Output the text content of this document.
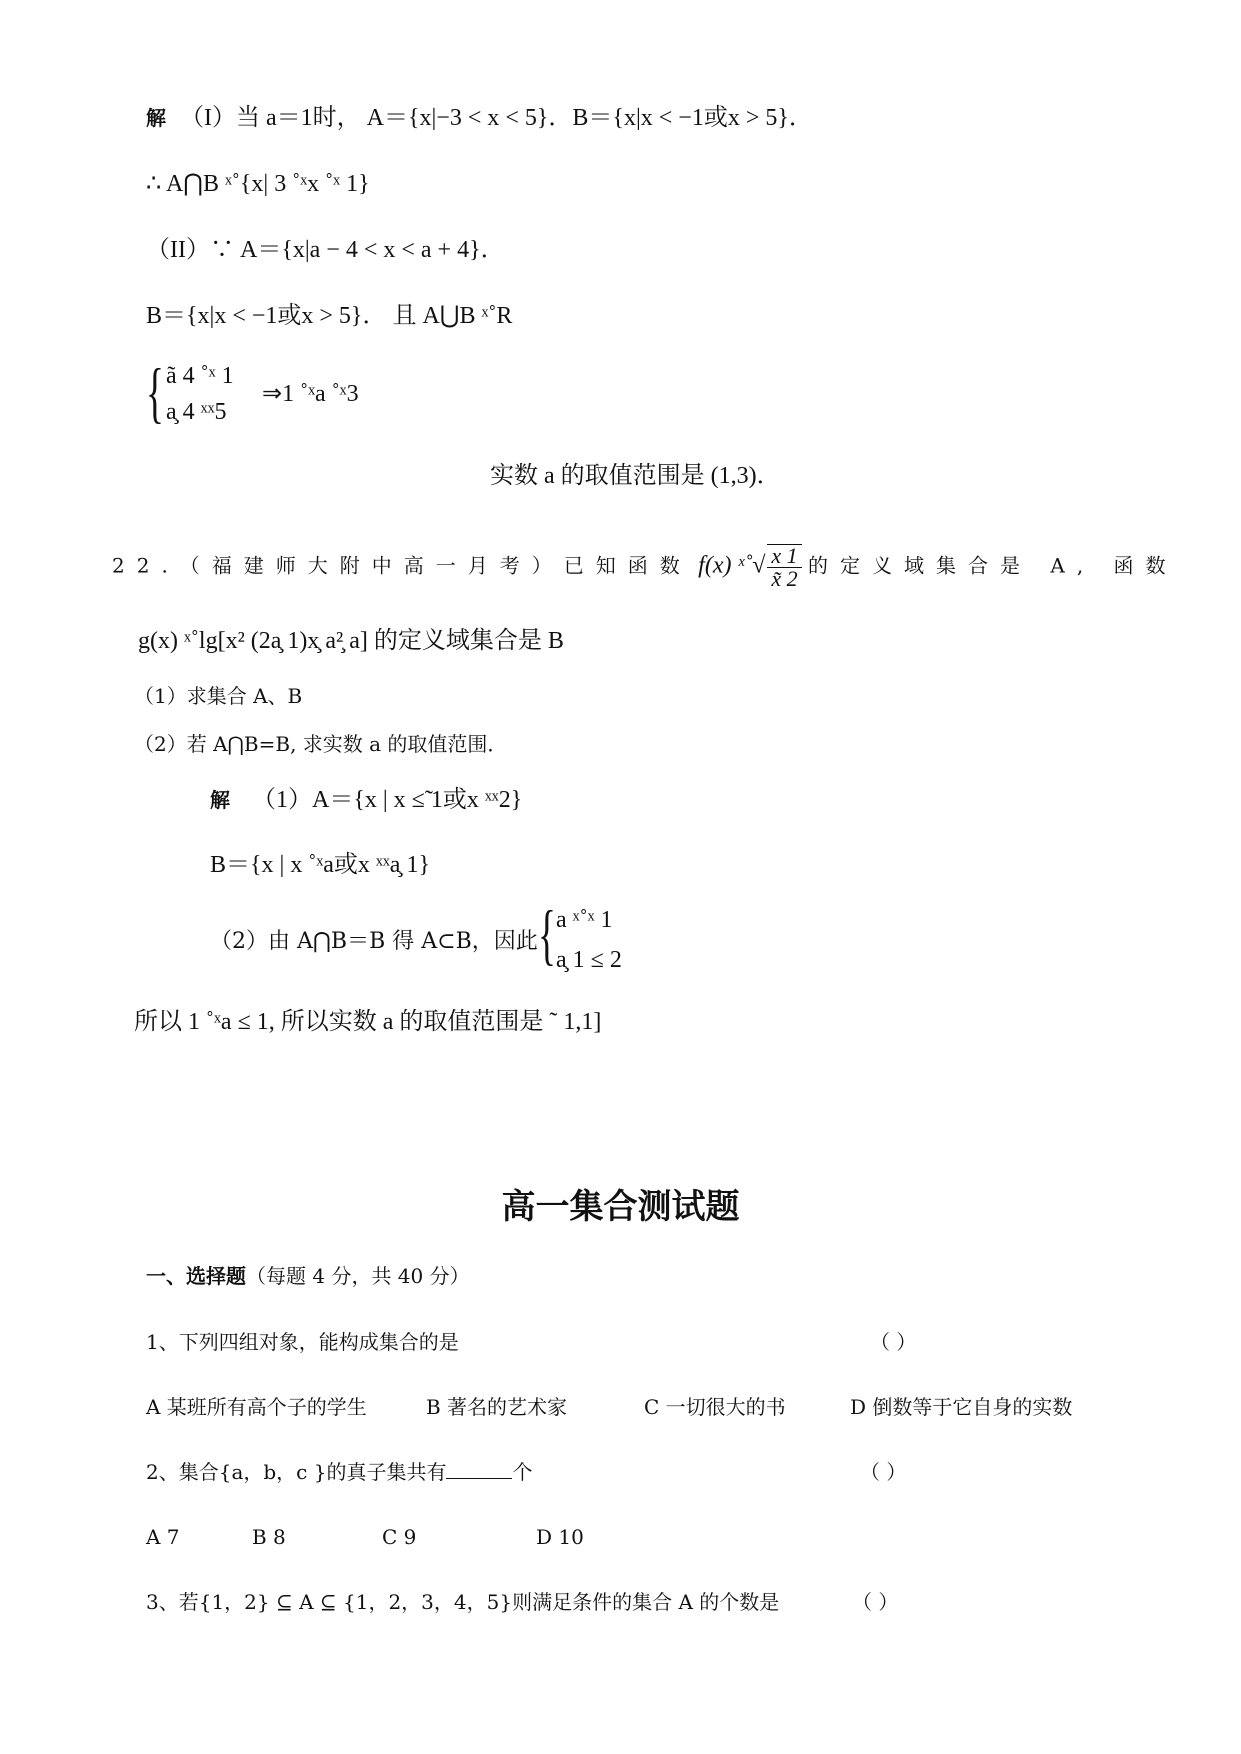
解 （I）当 a＝1时， A＝{x|−3 < x < 5}．B＝{x|x < −1或x > 5}．
∴ A⋂B ˣ˚{x| 3 ˚ˣx ˚ˣ 1}
（II）∵ A＝{x|a − 4 < x < a + 4}．
B＝{x|x < −1或x > 5}． 且 A⋃B ˣ˚R
{ ã 4 ˚ˣ 1
a̧ 4 ˣˣ5
⇒1 ˚ˣa ˚ˣ3
实数 a 的取值范围是 (1,3)．
22.（福建师大附中高一月考）已知函数 f(x) ˣ˚√ $\frac{x 1}{x̃ 2}$ 的定义域集合是 A, 函数
g(x) ˣ˚lg[x² (2a̧ 1)x̧ a²̧ a] 的定义域集合是 B
（1）求集合 A、B
（2）若 A⋂B=B, 求实数 a 的取值范围．
解 （1）A＝{x | x ≤̃ 1或x ˣˣ2}
B＝{x | x ˚ˣa或x ˣˣa̧ 1}
（2）由 A⋂B＝B 得 A⊂B，因此 { a ˣ˚ˣ 1
a̧ 1 ≤ 2
所以 1 ˚ˣa ≤ 1, 所以实数 a 的取值范围是 ˜ 1,1]
高一集合测试题
一、选择题（每题 4 分，共 40 分）
1、下列四组对象，能构成集合的是	（ ）
A 某班所有高个子的学生	B 著名的艺术家	C 一切很大的书	D 倒数等于它自身的实数
2、集合{a，b，c }的真子集共有	个	（ ）
A 7	B 8	C 9	D 10
3、若{1，2} ⊆ A ⊆ {1，2，3，4，5}则满足条件的集合 A 的个数是	（ ）
